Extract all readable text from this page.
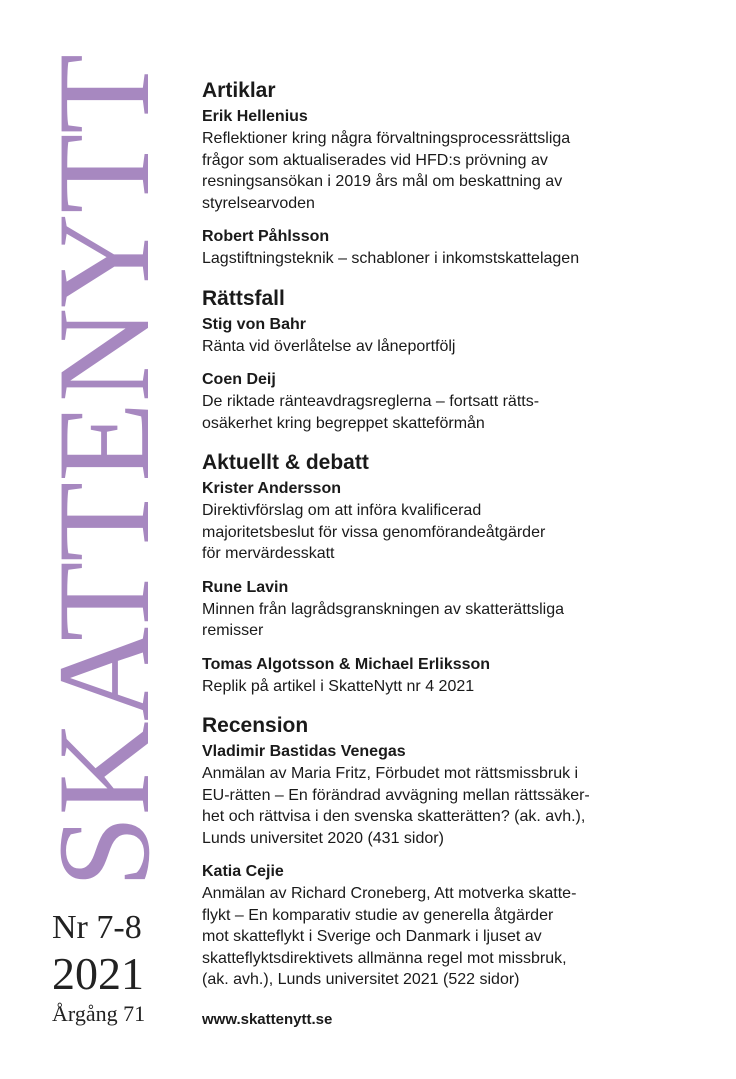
SKATTENYTT

Nr 7-8

2021

Årgång 71

Artiklar

Erik Hellenius

Reflektioner kring några förvaltningsprocessrättsliga
frågor som aktualiserades vid HFD:s prövning av
resningsansökan i 2019 års mål om beskattning av
styrelsearvoden

Robert Påhlsson

Lagstiftningsteknik – schabloner i inkomstskattelagen

Rättsfall

Stig von Bahr

Ränta vid överlåtelse av låneportfölj

Coen Deij

De riktade ränteavdragsreglerna – fortsatt rätts-
osäkerhet kring begreppet skatteförmån

Aktuellt & debatt

Krister Andersson

Direktivförslag om att införa kvalificerad
majoritetsbeslut för vissa genomförandeåtgärder
för mervärdesskatt

Rune Lavin

Minnen från lagrådsgranskningen av skatterättsliga
remisser

Tomas Algotsson & Michael Erliksson

Replik på artikel i SkatteNytt nr 4 2021

Recension

Vladimir Bastidas Venegas

Anmälan av Maria Fritz, Förbudet mot rättsmissbruk i
EU-rätten – En förändrad avvägning mellan rättssäker-
het och rättvisa i den svenska skatterätten? (ak. avh.),
Lunds universitet 2020 (431 sidor)

Katia Cejie

Anmälan av Richard Croneberg, Att motverka skatte-
flykt – En komparativ studie av generella åtgärder
mot skatteflykt i Sverige och Danmark i ljuset av
skatteflyktsdirektivets allmänna regel mot missbruk,
(ak. avh.), Lunds universitet 2021 (522 sidor)

www.skattenytt.se
